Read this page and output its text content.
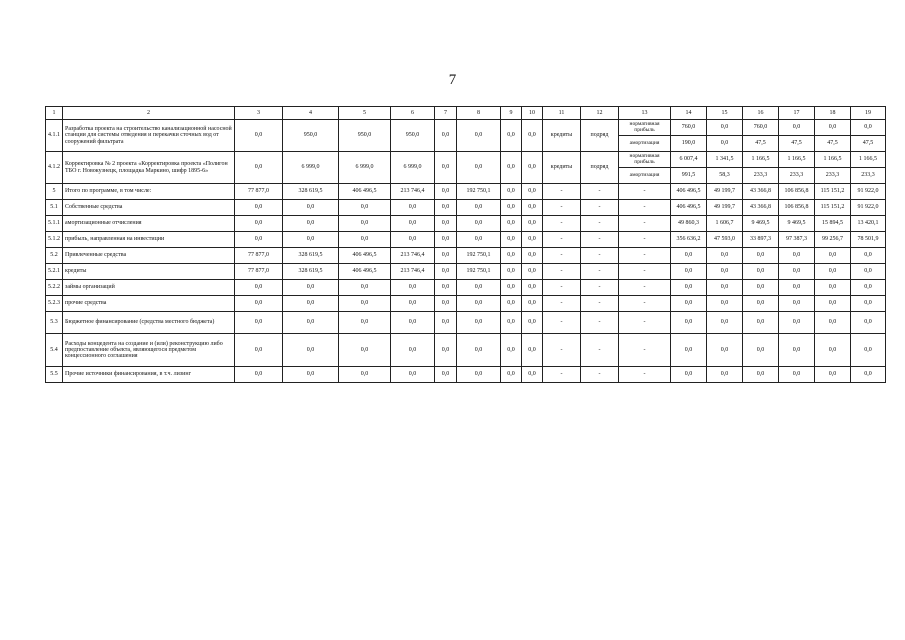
7
1	2	3	4	5	6	7	8	9	10	11	12	13	14	15	16	17	18	19
4.1.1	Разработка проекта на строительство канализационной насосной станции для системы отведения и перекачки сточных вод от сооружений фильтрата	0,0	950,0	950,0	950,0	0,0	0,0	0,0	0,0	кредиты	подряд	нормативная прибыль	760,0	0,0	760,0	0,0	0,0	0,0
												амортизация	190,0	0,0	47,5	47,5	47,5	47,5
4.1.2	Корректировка № 2 проекта «Корректировка проекта «Полигон ТБО г. Новокузнецк, площадка Маркино, шифр 1895-6»	0,0	6 999,0	6 999,0	6 999,0	0,0	0,0	0,0	0,0	кредиты	подряд	нормативная прибыль	6 007,4	1 341,5	1 166,5	1 166,5	1 166,5	1 166,5
												амортизация	991,5	58,3	233,3	233,3	233,3	233,3
5	Итого по программе, в том числе:	77 877,0	328 619,5	406 496,5	213 746,4	0,0	192 750,1	0,0	0,0	-	-	-	406 496,5	49 199,7	43 366,8	106 856,8	115 151,2	91 922,0
5.1	Собственные средства	0,0	0,0	0,0	0,0	0,0	0,0	0,0	0,0	-	-	-	406 496,5	49 199,7	43 366,8	106 856,8	115 151,2	91 922,0
5.1.1	амортизационные отчисления	0,0	0,0	0,0	0,0	0,0	0,0	0,0	0,0	-	-	-	49 860,3	1 606,7	9 469,5	9 469,5	15 894,5	13 420,1
5.1.2	прибыль, направленная на инвестиции	0,0	0,0	0,0	0,0	0,0	0,0	0,0	0,0	-	-	-	356 636,2	47 593,0	33 897,3	97 387,3	99 256,7	78 501,9
5.2	Привлеченные средства	77 877,0	328 619,5	406 496,5	213 746,4	0,0	192 750,1	0,0	0,0	-	-	-	0,0	0,0	0,0	0,0	0,0	0,0
5.2.1	кредиты	77 877,0	328 619,5	406 496,5	213 746,4	0,0	192 750,1	0,0	0,0	-	-	-	0,0	0,0	0,0	0,0	0,0	0,0
5.2.2	займы организаций	0,0	0,0	0,0	0,0	0,0	0,0	0,0	0,0	-	-	-	0,0	0,0	0,0	0,0	0,0	0,0
5.2.3	прочие средства	0,0	0,0	0,0	0,0	0,0	0,0	0,0	0,0	-	-	-	0,0	0,0	0,0	0,0	0,0	0,0
5.3	Бюджетное финансирование (средства местного бюджета)	0,0	0,0	0,0	0,0	0,0	0,0	0,0	0,0	-	-	-	0,0	0,0	0,0	0,0	0,0	0,0
5.4	Расходы концедента на создание и (или) реконструкцию либо предпоставление объекта, являющегося предметом концессионного соглашения	0,0	0,0	0,0	0,0	0,0	0,0	0,0	0,0	-	-	-	0,0	0,0	0,0	0,0	0,0	0,0
5.5	Прочие источники финансирования, в т.ч. лизинг	0,0	0,0	0,0	0,0	0,0	0,0	0,0	0,0	-	-	-	0,0	0,0	0,0	0,0	0,0	0,0
